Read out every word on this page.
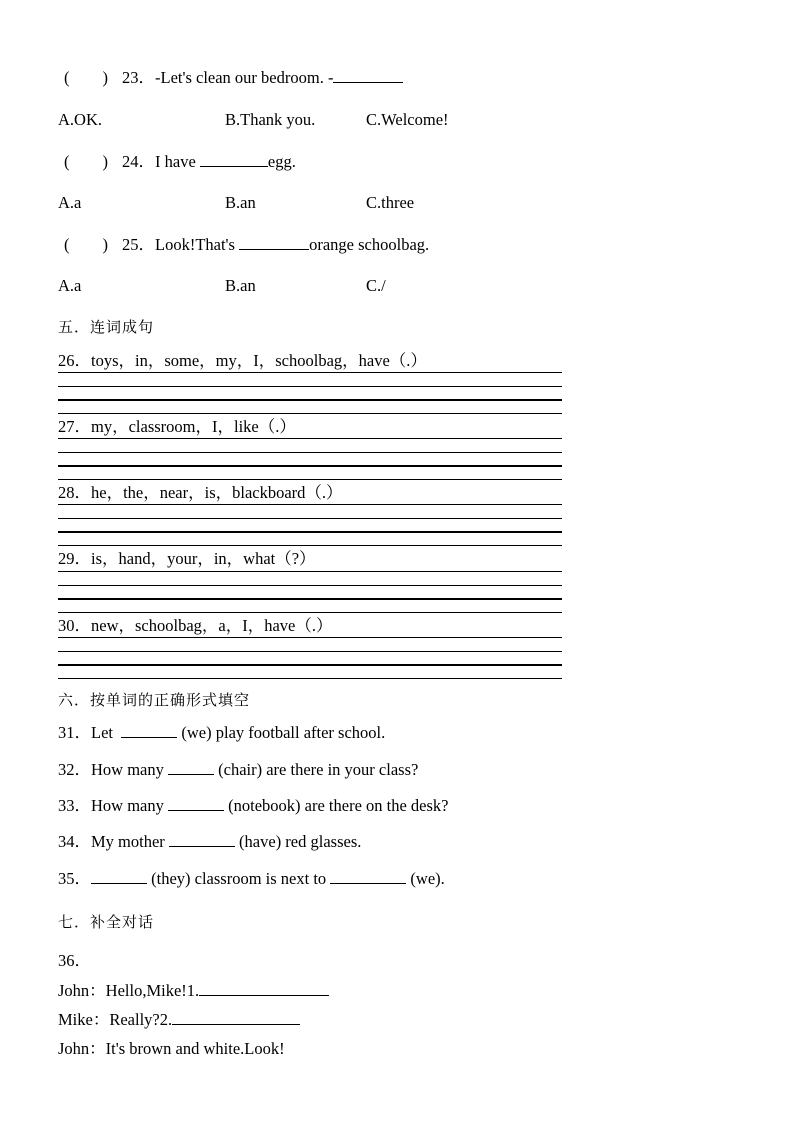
(　　) 23．-Let's clean our bedroom. -
A.OK.	B.Thank you.	C.Welcome!
(　　) 24．I have	egg.
A.a	B.an	C.three
(　　) 25．Look!That's	orange schoolbag.
A.a	B.an	C./
五．连词成句
26．toys，in，some，my，I，schoolbag，have（.）
27．my，classroom，I，like（.）
28．he，the，near，is，blackboard（.）
29．is，hand，your，in，what（?）
30．new，schoolbag，a，I，have（.）
六．按单词的正确形式填空
31．Let	(we) play football after school.
32．How many	(chair) are there in your class?
33．How many	(notebook) are there on the desk?
34．My mother	(have) red glasses.
35．	(they) classroom is next to	(we).
七．补全对话
36．
John：Hello,Mike!1.
Mike：Really?2.
John：It's brown and white.Look!
